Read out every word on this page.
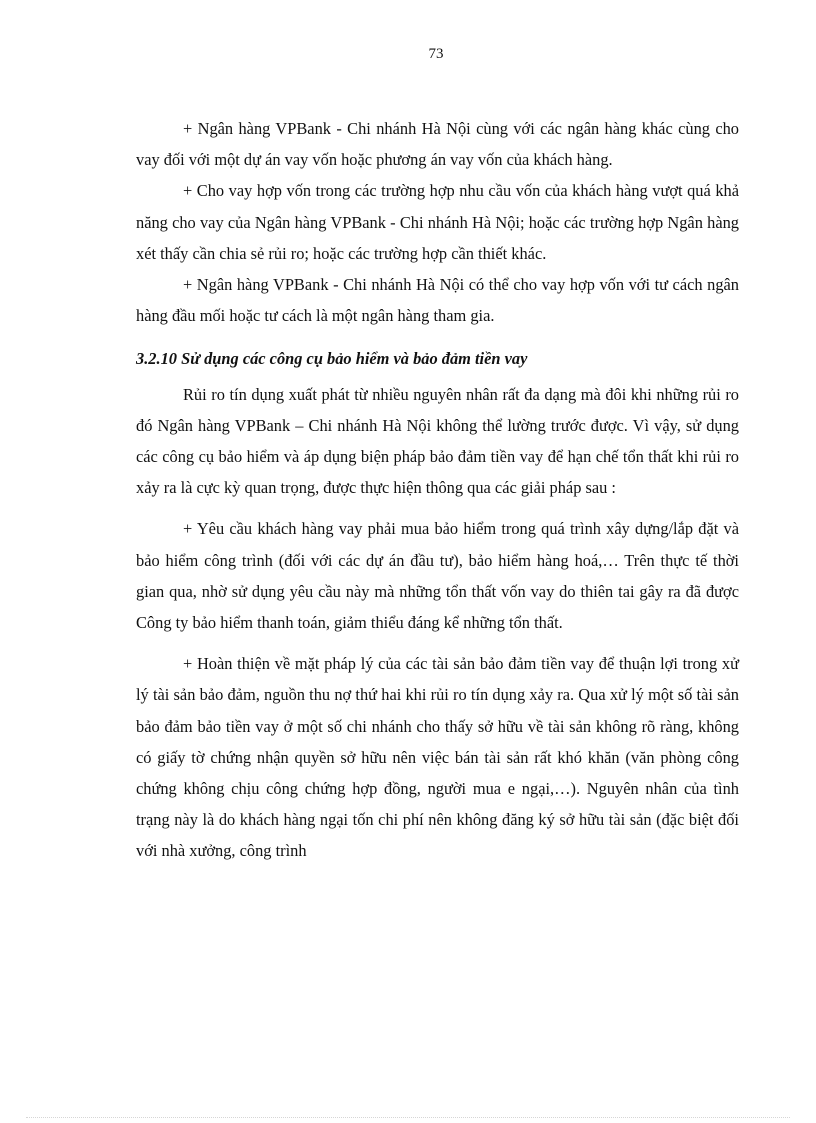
73

+ Ngân hàng VPBank - Chi nhánh Hà Nội cùng với các ngân hàng khác cùng cho vay đối với một dự án vay vốn hoặc phương án vay vốn của khách hàng.

+ Cho vay hợp vốn trong các trường hợp nhu cầu vốn của khách hàng vượt quá khả năng cho vay của Ngân hàng VPBank - Chi nhánh Hà Nội; hoặc các trường hợp Ngân hàng xét thấy cần chia sẻ rủi ro; hoặc các trường hợp cần thiết khác.

+ Ngân hàng VPBank - Chi nhánh Hà Nội có thể cho vay hợp vốn với tư cách ngân hàng đầu mối hoặc tư cách là một ngân hàng tham gia.

3.2.10 Sử dụng các công cụ bảo hiểm và bảo đảm tiền vay

Rủi ro tín dụng xuất phát từ nhiều nguyên nhân rất đa dạng mà đôi khi những rủi ro đó Ngân hàng VPBank – Chi nhánh Hà Nội không thể lường trước được. Vì vậy, sử dụng các công cụ bảo hiểm và áp dụng biện pháp bảo đảm tiền vay để hạn chế tổn thất khi rủi ro xảy ra là cực kỳ quan trọng, được thực hiện thông qua các giải pháp sau :

+ Yêu cầu khách hàng vay phải mua bảo hiểm trong quá trình xây dựng/lắp đặt và bảo hiểm công trình (đối với các dự án đầu tư), bảo hiểm hàng hoá,… Trên thực tế thời gian qua, nhờ sử dụng yêu cầu này mà những tổn thất vốn vay do thiên tai gây ra đã được Công ty bảo hiểm thanh toán, giảm thiểu đáng kể những tổn thất.

+ Hoàn thiện về mặt pháp lý của các tài sản bảo đảm tiền vay để thuận lợi trong xử lý tài sản bảo đảm, nguồn thu nợ thứ hai khi rủi ro tín dụng xảy ra. Qua xử lý một số tài sản bảo đảm bảo tiền vay ở một số chi nhánh cho thấy sở hữu về tài sản không rõ ràng, không có giấy tờ chứng nhận quyền sở hữu nên việc bán tài sản rất khó khăn (văn phòng công chứng không chịu công chứng hợp đồng, người mua e ngại,…). Nguyên nhân của tình trạng này là do khách hàng ngại tốn chi phí nên không đăng ký sở hữu tài sản (đặc biệt đối với nhà xưởng, công trình
